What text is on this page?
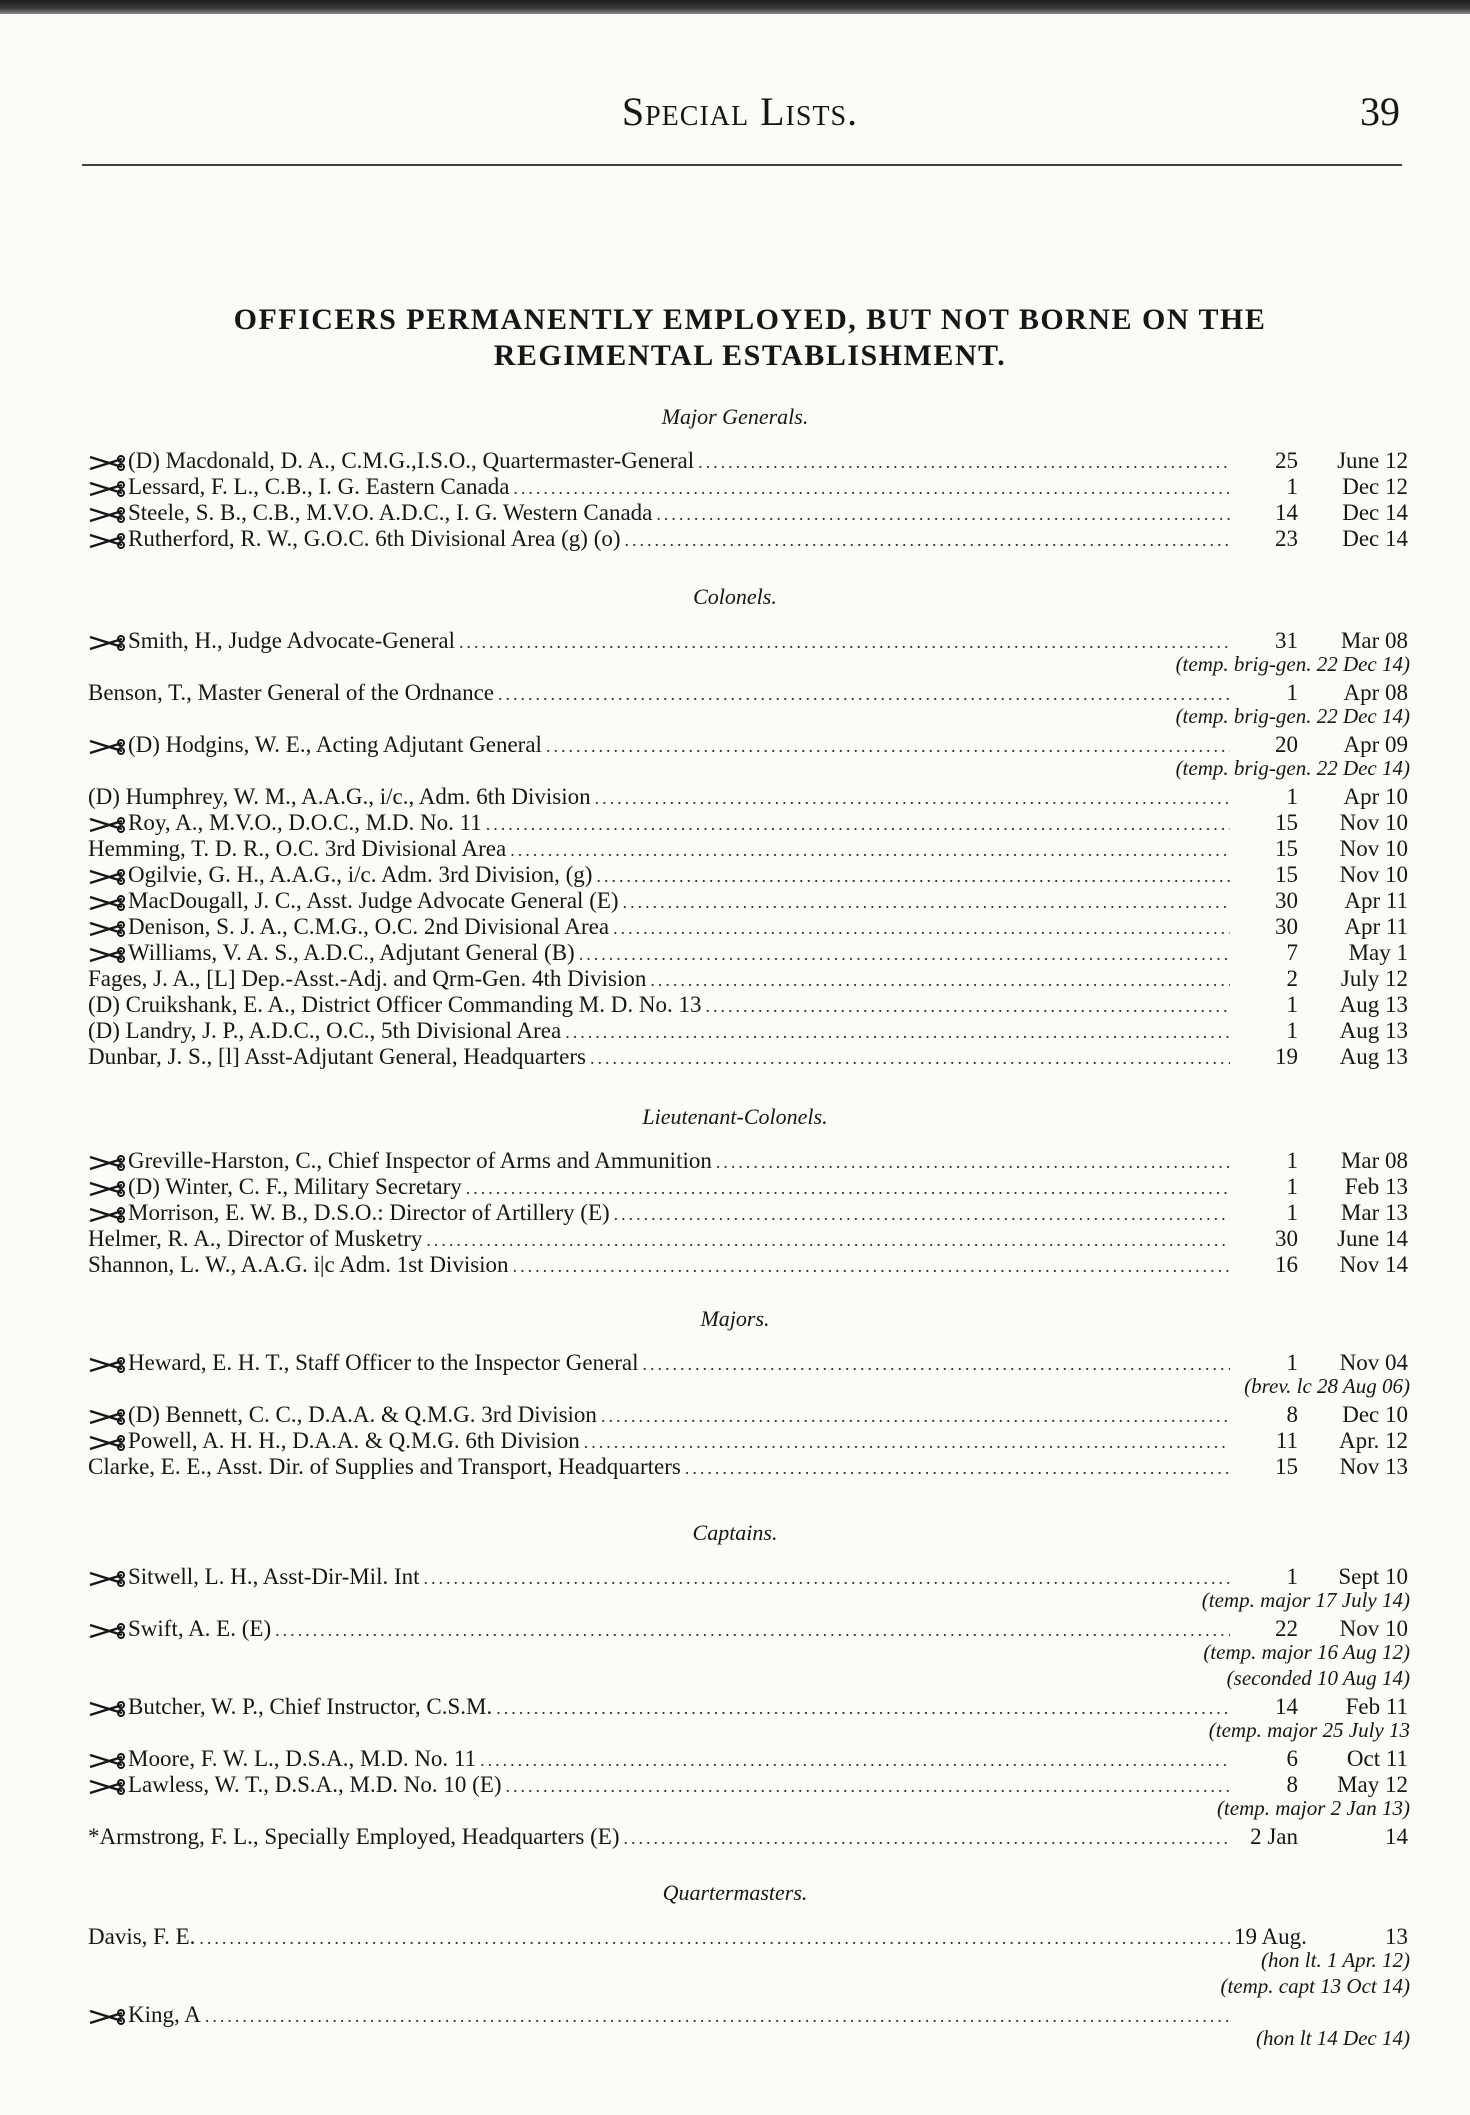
Special Lists.	39
OFFICERS PERMANENTLY EMPLOYED, BUT NOT BORNE ON THE
REGIMENTAL ESTABLISHMENT.
Major Generals.
(D) Macdonald, D. A., C.M.G.,I.S.O., Quartermaster-General .....	25	June 12
Lessard, F. L., C.B., I. G. Eastern Canada .....	1	Dec 12
Steele, S. B., C.B., M.V.O. A.D.C., I. G. Western Canada .....	14	Dec 14
Rutherford, R. W., G.O.C. 6th Divisional Area (g) (o) .....	23	Dec 14
Colonels.
Smith, H., Judge Advocate-General .....	31	Mar 08
(temp. brig-gen. 22 Dec 14)
Benson, T., Master General of the Ordnance .....	1	Apr 08
(temp. brig-gen. 22 Dec 14)
(D) Hodgins, W. E., Acting Adjutant General .....	20	Apr 09
(temp. brig-gen. 22 Dec 14)
(D) Humphrey, W. M., A.A.G., i/c., Adm. 6th Division .....	1	Apr 10
Roy, A., M.V.O., D.O.C., M.D. No. 11 .....	15	Nov 10
Hemming, T. D. R., O.C. 3rd Divisional Area .....	15	Nov 10
Ogilvie, G. H., A.A.G., i/c. Adm. 3rd Division, (g) .....	15	Nov 10
MacDougall, J. C., Asst. Judge Advocate General (E) .....	30	Apr 11
Denison, S. J. A., C.M.G., O.C. 2nd Divisional Area .....	30	Apr 11
Williams, V. A. S., A.D.C., Adjutant General (B) .....	7	May 1
Fages, J. A., [L] Dep.-Asst.-Adj. and Qrm-Gen. 4th Division .....	2	July 12
(D) Cruikshank, E. A., District Officer Commanding M. D. No. 13 .....	1	Aug 13
(D) Landry, J. P., A.D.C., O.C., 5th Divisional Area .....	1	Aug 13
Dunbar, J. S., [l] Asst-Adjutant General, Headquarters .....	19	Aug 13
Lieutenant-Colonels.
Greville-Harston, C., Chief Inspector of Arms and Ammunition .....	1	Mar 08
(D) Winter, C. F., Military Secretary .....	1	Feb 13
Morrison, E. W. B., D.S.O.: Director of Artillery (E) .....	1	Mar 13
Helmer, R. A., Director of Musketry .....	30	June 14
Shannon, L. W., A.A.G. i|c Adm. 1st Division .....	16	Nov 14
Majors.
Heward, E. H. T., Staff Officer to the Inspector General .....	1	Nov 04
(brev. lc 28 Aug 06)
(D) Bennett, C. C., D.A.A. & Q.M.G. 3rd Division .....	8	Dec 10
Powell, A. H. H., D.A.A. & Q.M.G. 6th Division .....	11	Apr. 12
Clarke, E. E., Asst. Dir. of Supplies and Transport, Headquarters .....	15	Nov 13
Captains.
Sitwell, L. H., Asst-Dir-Mil. Int .....	1	Sept 10
(temp. major 17 July 14)
Swift, A. E. (E) .....	22	Nov 10
(temp. major 16 Aug 12)
(seconded 10 Aug 14)
Butcher, W. P., Chief Instructor, C.S.M. .....	14	Feb 11
(temp. major 25 July 13
Moore, F. W. L., D.S.A., M.D. No. 11 .....	6	Oct 11
Lawless, W. T., D.S.A., M.D. No. 10 (E) .....	8	May 12
(temp. major 2 Jan 13)
*Armstrong, F. L., Specially Employed, Headquarters (E) .....	2 Jan	14
Quartermasters.
Davis, F. E. .....	19 Aug.	13
(hon lt. 1 Apr. 12)
(temp. capt 13 Oct 14)
King, A
.....
(hon lt 14 Dec 14)
